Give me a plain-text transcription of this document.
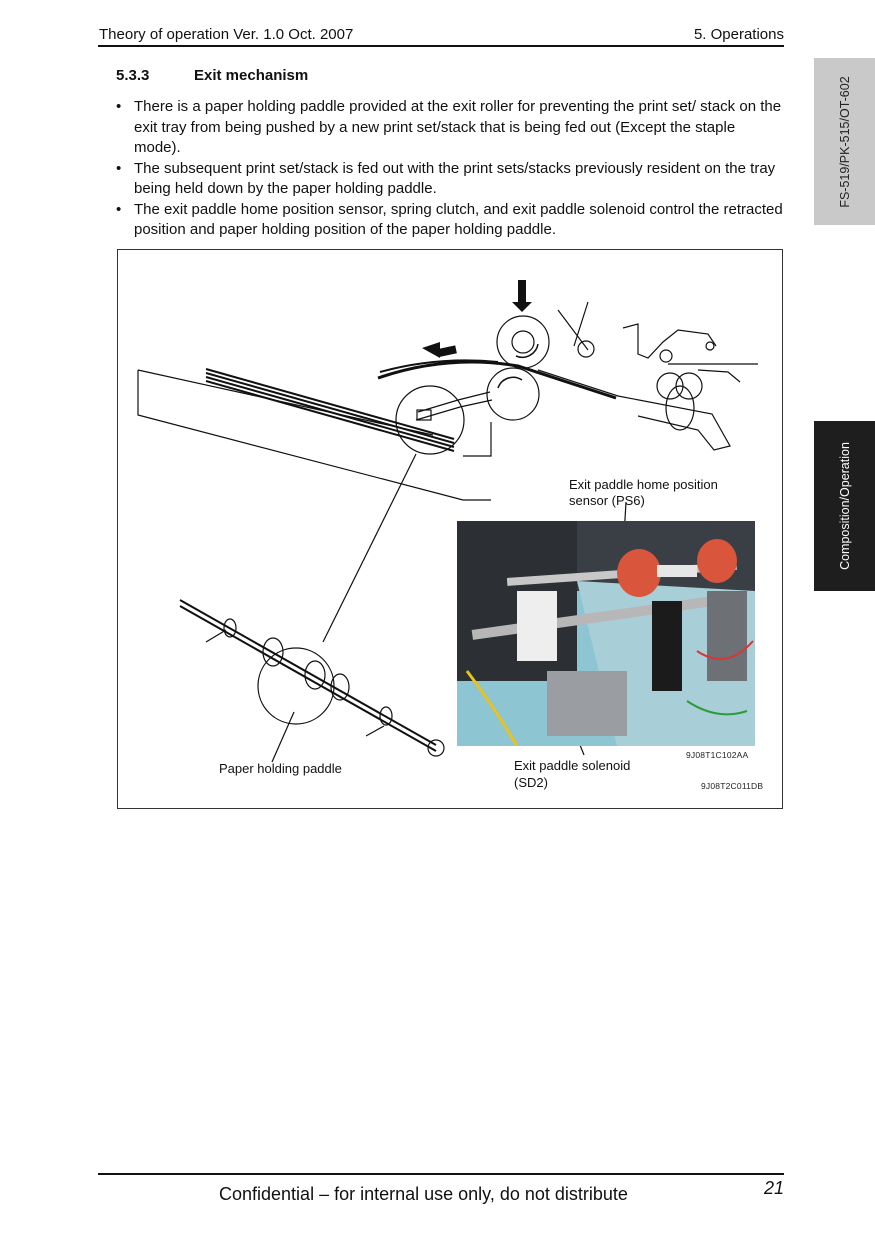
Theory of operation Ver. 1.0 Oct. 2007	5. Operations
FS-519/PK-515/OT-602
Composition/Operation
5.3.3	Exit mechanism
• There is a paper holding paddle provided at the exit roller for preventing the print set/ stack on the exit tray from being pushed by a new print set/stack that is being fed out (Except the staple mode).
• The subsequent print set/stack is fed out with the print sets/stacks previously resident on the tray being held down by the paper holding paddle.
• The exit paddle home position sensor, spring clutch, and exit paddle solenoid control the retracted position and paper holding position of the paper holding paddle.
Exit paddle home position
sensor (PS6)
Paper holding paddle	Exit paddle solenoid
(SD2)
9J08T1C102AA
9J08T2C011DB
Confidential – for internal use only, do not distribute	21
